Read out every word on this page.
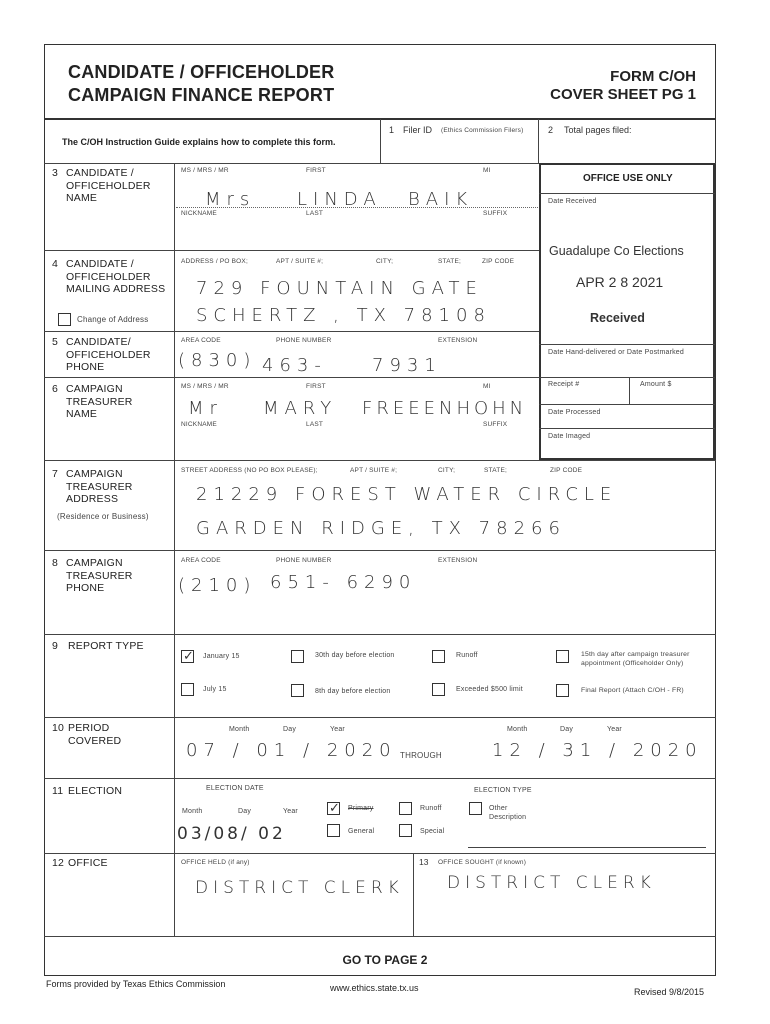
CANDIDATE / OFFICEHOLDER
CAMPAIGN FINANCE REPORT
FORM C/OH
COVER SHEET PG 1
The C/OH Instruction Guide explains how to complete this form.
1 Filer ID (Ethics Commission Filers)	2 Total pages filed:
OFFICE USE ONLY
Date Received
Guadalupe Co Elections
APR 2 8 2021
Received
Date Hand-delivered or Date Postmarked
Receipt #	Amount $
Date Processed
Date Imaged
3 CANDIDATE / OFFICEHOLDER NAME
MS / MRS / MR	FIRST	MI
Mrs LINDA BAIK
NICKNAME	LAST	SUFFIX
4 CANDIDATE / OFFICEHOLDER MAILING ADDRESS
Change of Address
ADDRESS / PO BOX;	APT / SUITE #;	CITY;	STATE;	ZIP CODE
729 FOUNTAIN GATE
SCHERTZ , TX 78108
5 CANDIDATE/ OFFICEHOLDER PHONE
AREA CODE	PHONE NUMBER	EXTENSION
(830) 463-	7931
6 CAMPAIGN TREASURER NAME
MS / MRS / MR	FIRST	MI
Mr MARY FREEENHOHN
NICKNAME	LAST	SUFFIX
7 CAMPAIGN TREASURER ADDRESS
(Residence or Business)
STREET ADDRESS (NO PO BOX PLEASE);	APT / SUITE #;	CITY;	STATE;	ZIP CODE
21229 FOREST WATER CIRCLE
GARDEN RIDGE, TX 78266
8 CAMPAIGN TREASURER PHONE
AREA CODE	PHONE NUMBER	EXTENSION
(210) 651- 6290
9 REPORT TYPE
✓ January 15
July 15
30th day before election
8th day before election
Runoff
Exceeded $500 limit
15th day after campaign treasurer appointment (Officeholder Only)
Final Report (Attach C/OH - FR)
10 PERIOD COVERED
Month	Day	Year	Month	Day	Year
07 / 01 / 2020 THROUGH	12 / 31 / 2020
11 ELECTION	ELECTION DATE
Month	Day	Year
03/08/ 02
ELECTION TYPE
✓ Primary
General
Runoff
Special
Other
Description
12 OFFICE	OFFICE HELD (if any)	13 OFFICE SOUGHT (if known)
DISTRICT CLERK	DISTRICT CLERK
GO TO PAGE 2
Forms provided by Texas Ethics Commission	www.ethics.state.tx.us	Revised 9/8/2015
